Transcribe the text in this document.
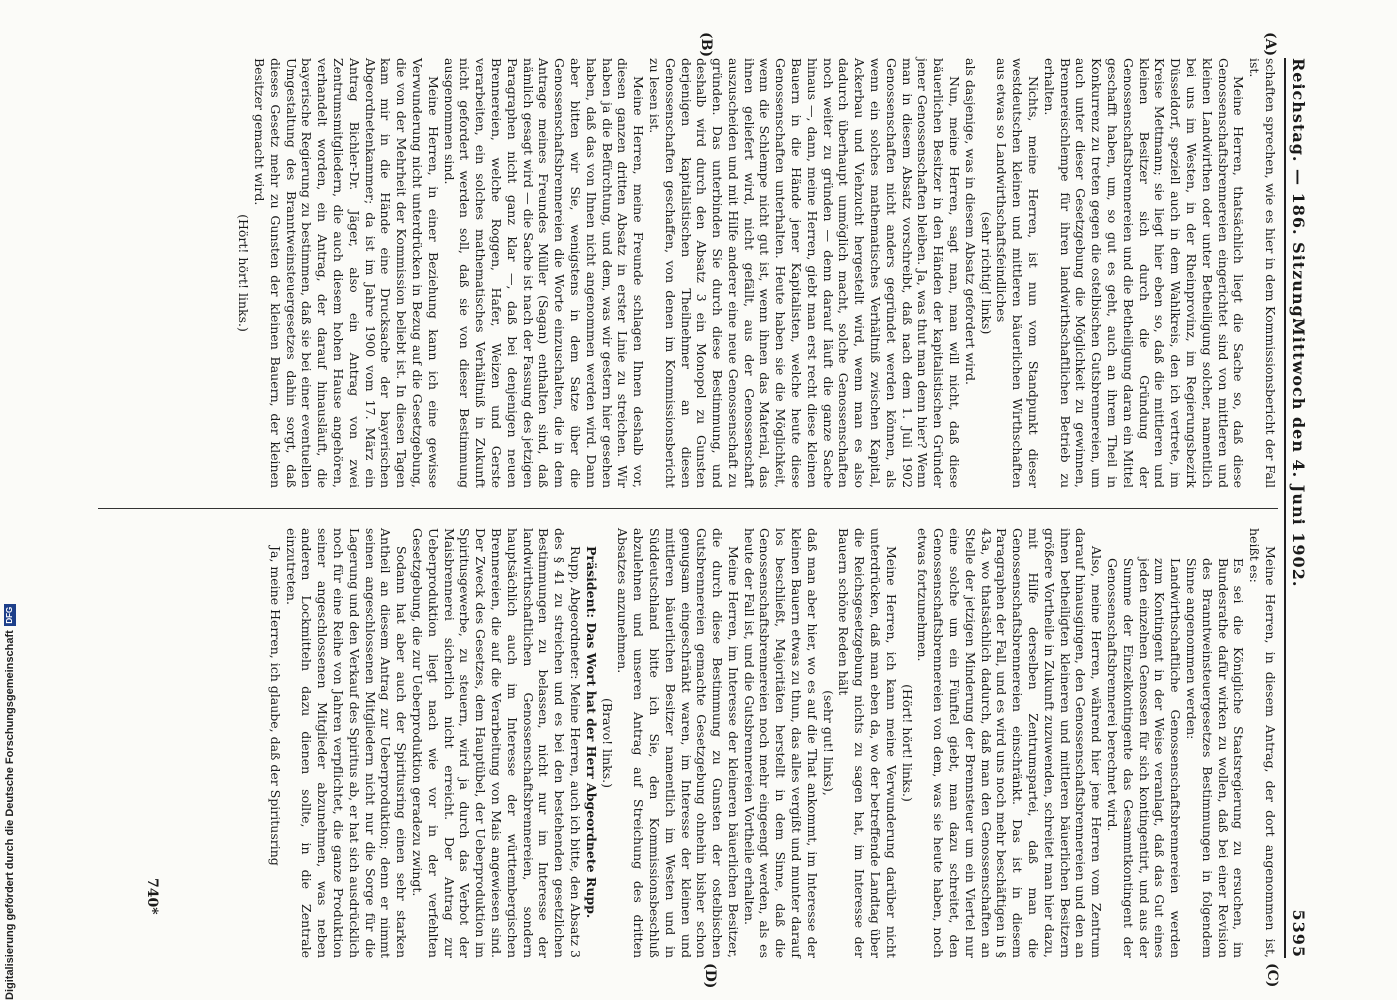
Reichstag. — 186. Sitzung.
Mittwoch den 4. Juni 1902.
5395
(A)
(B)
(C)
(D)

schaften sprechen, wie es hier in dem Kommissionsbericht der Fall ist.

Meine Herren, thatsächlich liegt die Sache so, daß diese Genossenschaftsbrennereien eingerichtet sind von mittleren und kleinen Landwirthen oder unter Betheiligung solcher, namentlich bei uns im Westen, in der Rheinprovinz, im Regierungsbezirk Düsseldorf, speziell auch in dem Wahlkreis, den ich vertrete, im Kreise Mettmann; sie liegt hier eben so, daß die mittleren und kleinen Besitzer sich durch die Gründung der Genossenschaftsbrennereien und die Betheiligung daran ein Mittel geschafft haben, um, so gut es geht, auch an ihrem Theil in Konkurrenz zu treten gegen die ostelbischen Gutsbrennereien, um auch unter dieser Gesetzgebung die Möglichkeit zu gewinnen, Brennereischlempe für ihren landwirthschaftlichen Betrieb zu erhalten.

Nichts, meine Herren, ist nun vom Standpunkt dieser westdeutschen kleinen und mittleren bäuerlichen Wirthschaften aus etwas so Landwirthschaftsfeindliches

(sehr richtig! links)

als dasjenige, was in diesem Absatz gefordert wird.

Nun, meine Herren, sagt man, man will nicht, daß diese bäuerlichen Besitzer in den Händen der kapitalistischen Gründer jener Genossenschaften bleiben. Ja, was thut man denn hier? Wenn man in diesem Absatz vorschreibt, daß nach dem 1. Juli 1902 Genossenschaften nicht anders gegründet werden können, als wenn ein solches mathematisches Verhältniß zwischen Kapital, Ackerbau und Viehzucht hergestellt wird, wenn man es also dadurch überhaupt unmöglich macht, solche Genossenschaften noch weiter zu gründen — denn darauf läuft die ganze Sache hinaus —, dann, meine Herren, giebt man erst recht diese kleinen Bauern in die Hände jener Kapitalisten, welche heute diese Genossenschaften unterhalten. Heute haben sie die Möglichkeit, wenn die Schlempe nicht gut ist, wenn ihnen das Material, das ihnen geliefert wird, nicht gefällt, aus der Genossenschaft auszuscheiden und mit Hilfe anderer eine neue Genossenschaft zu gründen. Das unterbinden Sie durch diese Bestimmung, und deshalb wird durch den Absatz 3 ein Monopol zu Gunsten derjenigen kapitalistischen Theilnehmer an diesen Genossenschaften geschaffen, von denen im Kommissionsbericht zu lesen ist.

Meine Herren, meine Freunde schlagen Ihnen deshalb vor, diesen ganzen dritten Absatz in erster Linie zu streichen. Wir haben ja die Befürchtung, und dem, was wir gestern hier gesehen haben, daß das von Ihnen nicht angenommen werden wird. Dann aber bitten wir Sie, wenigstens in dem Satze über die Genossenschaftsbrennereien die Worte einzuschalten, die in dem Antrage meines Freundes Müller (Sagan) enthalten sind, daß nämlich gesagt wird — die Sache ist nach der Fassung des jetzigen Paragraphen nicht ganz klar —, daß bei denjenigen neuen Brennereien, welche Roggen, Hafer, Weizen und Gerste verarbeiten, ein solches mathematisches Verhältniß in Zukunft nicht gefordert werden soll, daß sie von dieser Bestimmung ausgenommen sind.

Meine Herren, in einer Beziehung kann ich eine gewisse Verwunderung nicht unterdrücken in Bezug auf die Gesetzgebung, die von der Mehrheit der Kommission beliebt ist. In diesen Tagen kam mir in die Hände eine Drucksache der bayerischen Abgeordnetenkammer; da ist im Jahre 1900 vom 17. März ein Antrag Bichler-Dr. Jäger, also ein Antrag von zwei Zentrumsmitgliedern, die auch diesem hohen Hause angehören, verhandelt worden, ein Antrag, der darauf hinausläuft, die bayerische Regierung zu bestimmen, daß sie bei einer eventuellen Umgestaltung des Branntweinsteuergesetzes dahin sorgt, daß dieses Gesetz mehr zu Gunsten der kleinen Bauern, der kleinen Besitzer gemacht wird.

(Hört! hört! links.)

Meine Herren, in diesem Antrag, der dort angenommen ist, heißt es:

Es sei die Königliche Staatsregierung zu ersuchen, im Bundesrathe dafür wirken zu wollen, daß bei einer Revision des Branntweinsteuergesetzes Bestimmungen in folgendem Sinne angenommen werden:

Landwirthschaftliche Genossenschaftsbrennereien werden zum Kontingent in der Weise veranlagt, daß das Gut eines jeden einzelnen Genossen für sich kontingentirt, und aus der Summe der Einzelkontingente das Gesammtkontingent der Genossenschaftsbrennerei berechnet wird.

Also, meine Herren, während hier jene Herren vom Zentrum darauf hinausgingen, den Genossenschaftsbrennereien und den an ihnen betheiligten kleineren und mittleren bäuerlichen Besitzern größere Vortheile in Zukunft zuzuwenden, schreitet man hier dazu, mit Hilfe derselben Zentrumspartei, daß man die Genossenschaftsbrennereien einschränkt. Das ist in diesem Paragraphen der Fall, und es wird uns noch mehr beschäftigen in § 43a, wo thatsächlich dadurch, daß man den Genossenschaften an Stelle der jetzigen Minderung der Brennsteuer um ein Viertel nur eine solche um ein Fünftel giebt, man dazu schreitet, den Genossenschaftsbrennereien von dem, was sie heute haben, noch etwas fortzunehmen.

(Hört! hört! links.)

Meine Herren, ich kann meine Verwunderung darüber nicht unterdrücken, daß man eben da, wo der betreffende Landtag über die Reichsgesetzgebung nichts zu sagen hat, im Interesse der Bauern schöne Reden hält

(sehr gut! links),

daß man aber hier, wo es auf die That ankommt, im Interesse der kleinen Bauern etwas zu thun, das alles vergißt und munter darauf los beschließt, Majoritäten herstellt in dem Sinne, daß die Genossenschaftsbrennereien noch mehr eingeengt werden, als es heute der Fall ist, und die Gutsbrennereien Vortheile erhalten.

Meine Herren, im Interesse der kleineren bäuerlichen Besitzer, die durch diese Bestimmung zu Gunsten der ostelbischen Gutsbrennereien gemachte Gesetzgebung ohnehin bisher schon genugsam eingeschränkt waren, im Interesse der kleinen und mittleren bäuerlichen Besitzer namentlich im Westen und in Süddeutschland bitte ich Sie, den Kommissionsbeschluß abzulehnen und unseren Antrag auf Streichung des dritten Absatzes anzunehmen.

(Bravo! links.)

Präsident: Das Wort hat der Herr Abgeordnete Rupp.

Rupp, Abgeordneter: Meine Herren, auch ich bitte, den Absatz 3 des § 41 zu streichen und es bei den bestehenden gesetzlichen Bestimmungen zu belassen, nicht nur im Interesse der landwirthschaftlichen Genossenschaftsbrennereien, sondern hauptsächlich auch im Interesse der württembergischen Brennereien, die auf die Verarbeitung von Mais angewiesen sind. Der Zweck des Gesetzes, dem Hauptübel, der Ueberproduktion im Spiritusgewerbe, zu steuern, wird ja durch das Verbot der Maisbrennerei sicherlich nicht erreicht. Der Antrag zur Ueberproduktion liegt nach wie vor in der verfehlten Gesetzgebung, die zur Ueberproduktion geradezu zwingt.

Sodann hat aber auch der Spiritusring einen sehr starken Antheil an diesem Antrag zur Ueberproduktion; denn er nimmt seinen angeschlossenen Mitgliedern nicht nur die Sorge für die Lagerung und den Verkauf des Spiritus ab, er hat sich ausdrücklich noch für eine Reihe von Jahren verpflichtet, die ganze Produktion seiner angeschlossenen Mitglieder abzunehmen, was neben anderen Lockmitteln dazu dienen sollte, in die Zentrale einzutreten.

Ja, meine Herren, ich glaube, daß der Spiritusring

740*
Digitalisierung gefördert durch die Deutsche Forschungsgemeinschaft
DFG
